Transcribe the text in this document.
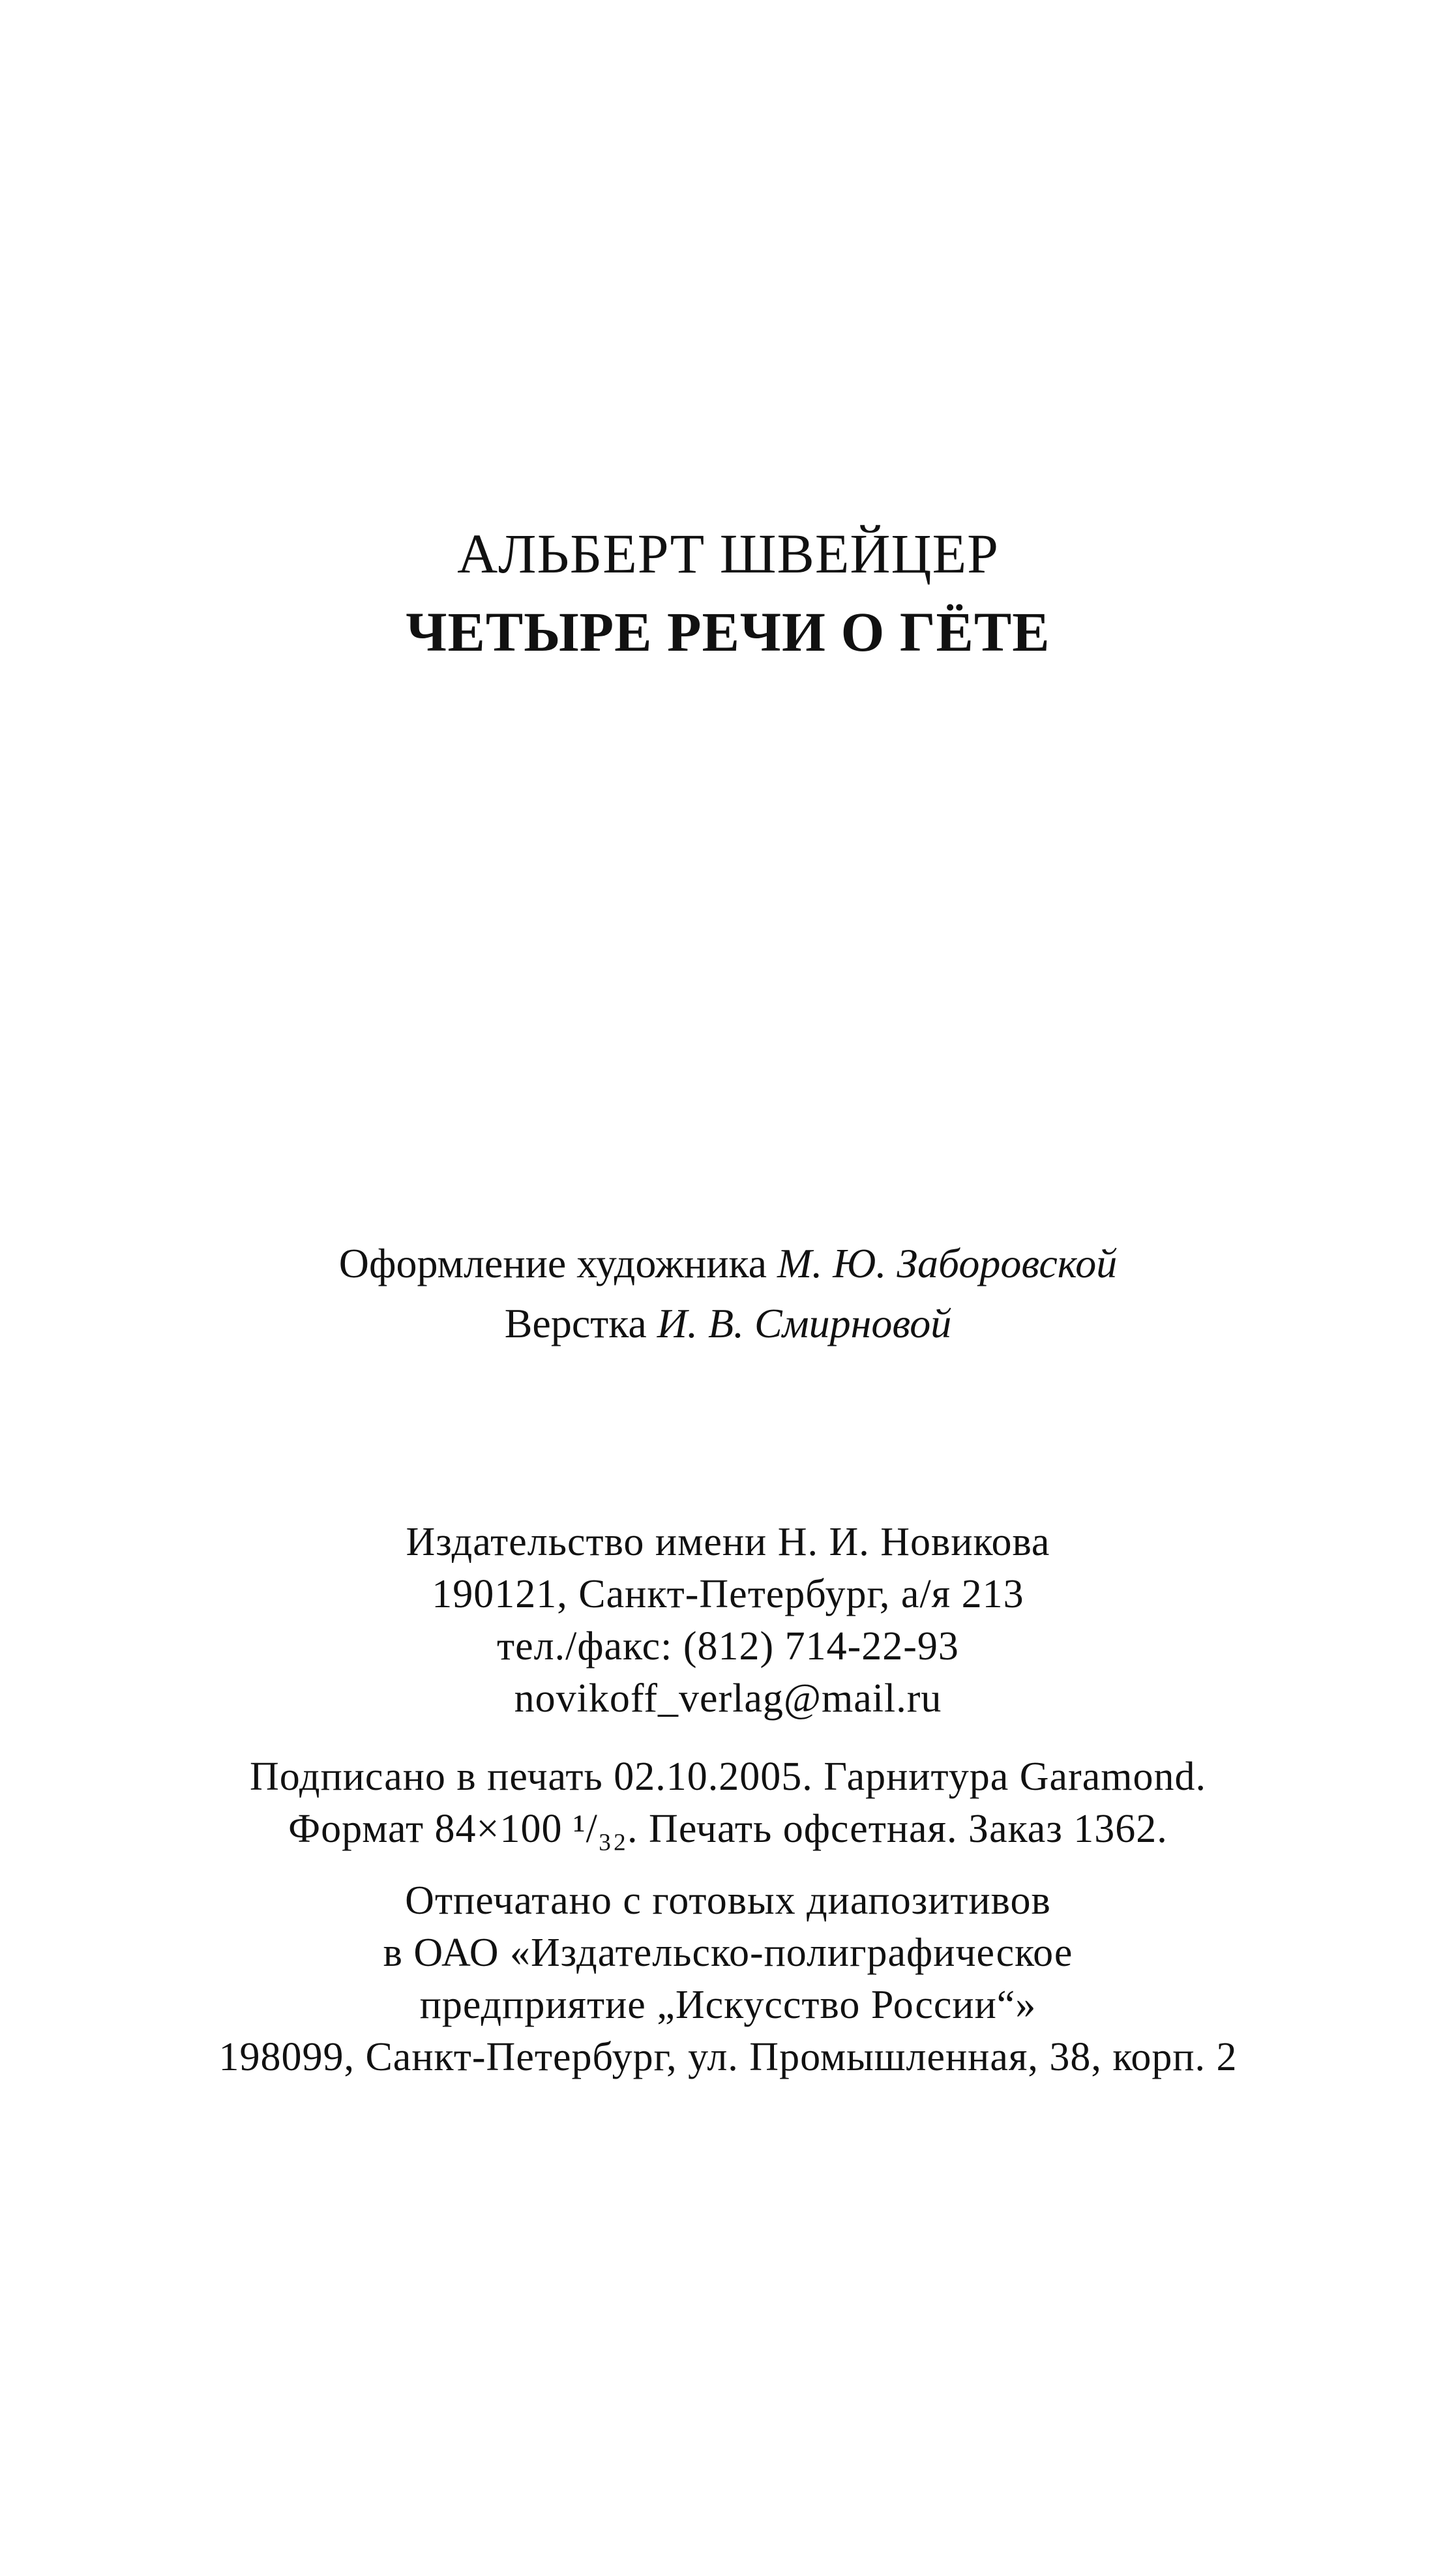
АЛЬБЕРТ ШВЕЙЦЕР
ЧЕТЫРЕ РЕЧИ О ГЁТЕ
Оформление художника М. Ю. Заборовской
Верстка И. В. Смирновой
Издательство имени Н. И. Новикова
190121, Санкт-Петербург, а/я 213
тел./факс: (812) 714-22-93
novikoff_verlag@mail.ru
Подписано в печать 02.10.2005. Гарнитура Garamond.
Формат 84×100 ¹/₃₂. Печать офсетная. Заказ 1362.
Отпечатано с готовых диапозитивов
в ОАО «Издательско-полиграфическое
предприятие „Искусство России“»
198099, Санкт-Петербург, ул. Промышленная, 38, корп. 2
